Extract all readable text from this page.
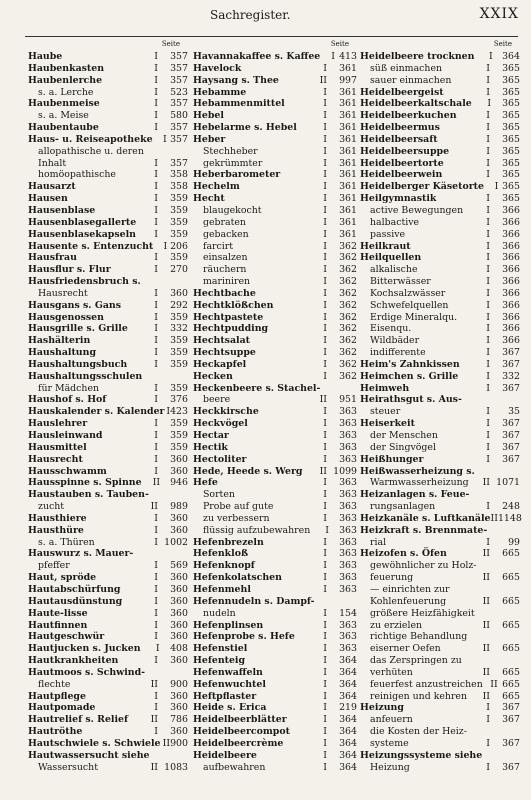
Sachregister.	XXIX
Seite
Haube	I	357
Haubenkasten	I	357
Haubenlerche	I	357
s. a. Lerche	I	523
Haubenmeise	I	357
s. a. Meise	I	580
Haubentaube	I	357
Haus- u. Reiseapotheke	I 357
allopathische u. deren
Inhalt	I	357
homöopathische	I	358
Hausarzt	I	358
Hausen	I	359
Hausenblase	I	359
Hausenblasegallerte	I	359
Hausenblasekapseln	I	359
Hausente s. Entenzucht	I 206
Hausfrau	I	359
Hausflur s. Flur	I	270
Hausfriedensbruch s.
Hausrecht	I	360
Hausgans s. Gans	I	292
Hausgenossen	I	359
Hausgrille s. Grille	I	332
Hashälterin	I	359
Haushaltung	I	359
Haushaltungsbuch	I	359
Haushaltungsschulen
für Mädchen	I	359
Haushof s. Hof	I	376
Hauskalender s. Kalender I 423
Hauslehrer	I	359
Hausleinwand	I	359
Hausmittel	I	359
Hausrecht	I	360
Hausschwamm	I	360
Hausspinne s. Spinne	II	946
Haustauben s. Tauben-
zucht	II	989
Hausthiere	I	360
Hausthüre	I	360
s. a. Thüren	I 1002
Hauswurz s. Mauer-
pfeffer	I	569
Haut, spröde	I	360
Hautabschürfung	I	360
Hautausdünstung	I	360
Haute-lisse	I	360
Hautfinnen	I	360
Hautgeschwür	I	360
Hautjucken s. Jucken	I	408
Hautkrankheiten	I	360
Hautmoos s. Schwind-
flechte	II	900
Hautpflege	I	360
Hautpomade	I	360
Hautrelief s. Relief	II	786
Hautröthe	I	360
Hautschwiele s. Schwiele II 900
Hautwassersucht siehe
Wassersucht	II 1083
Seite
Havannakaffee s. Kaffee	I 413
Havelock	I	361
Haysang s. Thee	II	997
Hebamme	I	361
Hebammenmittel	I	361
Hebel	I	361
Hebelarme s. Hebel	I	361
Heber	I	361
Stechheber	I	361
gekrümmter	I	361
Heberbarometer	I	361
Hechelm	I	361
Hecht	I	361
blaugekocht	I	361
gebraten	I	361
gebacken	I	361
farcirt	I	362
einsalzen	I	362
räuchern	I	362
mariniren	I	362
Hechtbache	I	362
Hechtklößchen	I	362
Hechtpastete	I	362
Hechtpudding	I	362
Hechtsalat	I	362
Hechtsuppe	I	362
Heckapfel	I	362
Hecken	I	362
Heckenbeere s. Stachel-
beere	II	951
Heckkirsche	I	363
Heckvögel	I	363
Hectar	I	363
Hectik	I	363
Hectoliter	I	363
Hede, Heede s. Werg	II 1099
Hefe	I	363
Sorten	I	363
Probe auf gute	I	363
zu verbessern	I	363
flüssig aufzubewahren	I	363
Hefenbrezeln	I	363
Hefenkloß	I	363
Hefenknopf	I	363
Hefenkolatschen	I	363
Hefenmehl	I	363
Hefennudeln s. Dampf-
nudeln	I	154
Hefenplinsen	I	363
Hefenprobe s. Hefe	I	363
Hefenstiel	I	363
Hefenteig	I	364
Hefenwaffeln	I	364
Hefenwuchtel	I	364
Heftpflaster	I	364
Heide s. Erica	I	219
Heidelbeerblätter	I	364
Heidelbeercompot	I	364
Heidelbeercrème	I	364
Heidelbeere	I	364
aufbewahren	I	364
Seite
Heidelbeere trocknen	I	364
süß einmachen	I	365
sauer einmachen	I	365
Heidelbeergeist	I	365
Heidelbeerkaltschale	I	365
Heidelbeerkuchen	I	365
Heidelbeermus	I	365
Heidelbeersaft	I	365
Heidelbeersuppe	I	365
Heidelbeertorte	I	365
Heidelbeerwein	I	365
Heidelberger Käsetorte	I 365
Heilgymnastik	I	365
active Bewegungen	I	366
halbactive	I	366
passive	I	366
Heilkraut	I	366
Heilquellen	I	366
alkalische	I	366
Bitterwässer	I	366
Kochsalzwässer	I	366
Schwefelquellen	I	366
Erdige Mineralqu.	I	366
Eisenqu.	I	366
Wildbäder	I	366
indifferente	I	367
Heim's Zahnkissen	I	367
Heimchen s. Grille	I	332
Heimweh	I	367
Heirathsgut s. Aus-
steuer	I	35
Heiserkeit	I	367
der Menschen	I	367
der Singvögel	I	367
Heißhunger	I	367
Heißwasserheizung s.
Warmwasserheizung	II 1071
Heizanlagen s. Feue-
rungsanlagen	I	248
Heizkanäle s. Luftkanäle II 1148
Heizkraft s. Brennmate-
rial	I	99
Heizofen s. Öfen	II	665
gewöhnlicher zu Holz-
feuerung	II	665
— einrichten zur
Kohlenfeuerung	II	665
größere Heizfähigkeit
zu erzielen	II	665
richtige Behandlung
eiserner Oefen	II	665
das Zerspringen zu
verhüten	II	665
feuerfest anzustreichen II 665
reinigen und kehren	II	665
Heizung	I	367
anfeuern	I	367
die Kosten der Heiz-
systeme	I	367
Heizungssysteme siehe
Heizung	I	367
